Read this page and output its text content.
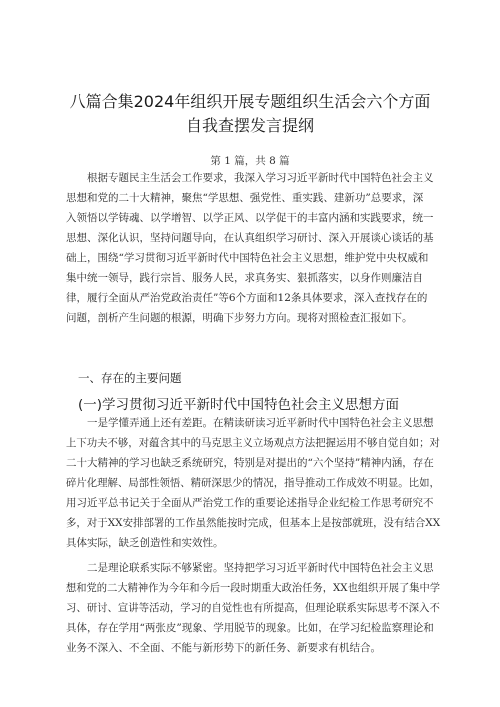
八篇合集2024年组织开展专题组织生活会六个方面
自我查摆发言提纲
第 1 篇，共 8 篇
根据专题民主生活会工作要求，我深入学习习近平新时代中国特色社会主义
思想和党的二十大精神，聚焦“学思想、强党性、重实践、建新功”总要求，深
入领悟以学铸魂、以学增智、以学正风、以学促干的丰富内涵和实践要求，统一
思想、深化认识，坚持问题导向，在认真组织学习研讨、深入开展谈心谈话的基
础上，围绕“学习贯彻习近平新时代中国特色社会主义思想，维护党中央权威和
集中统一领导，践行宗旨、服务人民，求真务实、狠抓落实，以身作则廉洁自
律，履行全面从严治党政治责任”等6个方面和12条具体要求，深入查找存在的
问题，剖析产生问题的根源，明确下步努力方向。现将对照检查汇报如下。
一、存在的主要问题
(一)学习贯彻习近平新时代中国特色社会主义思想方面
一是学懂弄通上还有差距。在精读研读习近平新时代中国特色社会主义思想
上下功夫不够，对蕴含其中的马克思主义立场观点方法把握运用不够自觉自如；对
二十大精神的学习也缺乏系统研究，特别是对提出的“六个坚持”精神内涵，存在
碎片化理解、局部性领悟、精研深思少的情况，指导推动工作成效不明显。比如，
用习近平总书记关于全面从严治党工作的重要论述指导企业纪检工作思考研究不
多，对于XX安排部署的工作虽然能按时完成，但基本上是按部就班，没有结合XX
具体实际，缺乏创造性和实效性。
二是理论联系实际不够紧密。坚持把学习习近平新时代中国特色社会主义思
想和党的二大精神作为今年和今后一段时期重大政治任务，XX也组织开展了集中学
习、研讨、宣讲等活动，学习的自觉性也有所提高，但理论联系实际思考不深入不
具体，存在学用“两张皮”现象、学用脱节的现象。比如，在学习纪检监察理论和
业务不深入、不全面、不能与新形势下的新任务、新要求有机结合。
